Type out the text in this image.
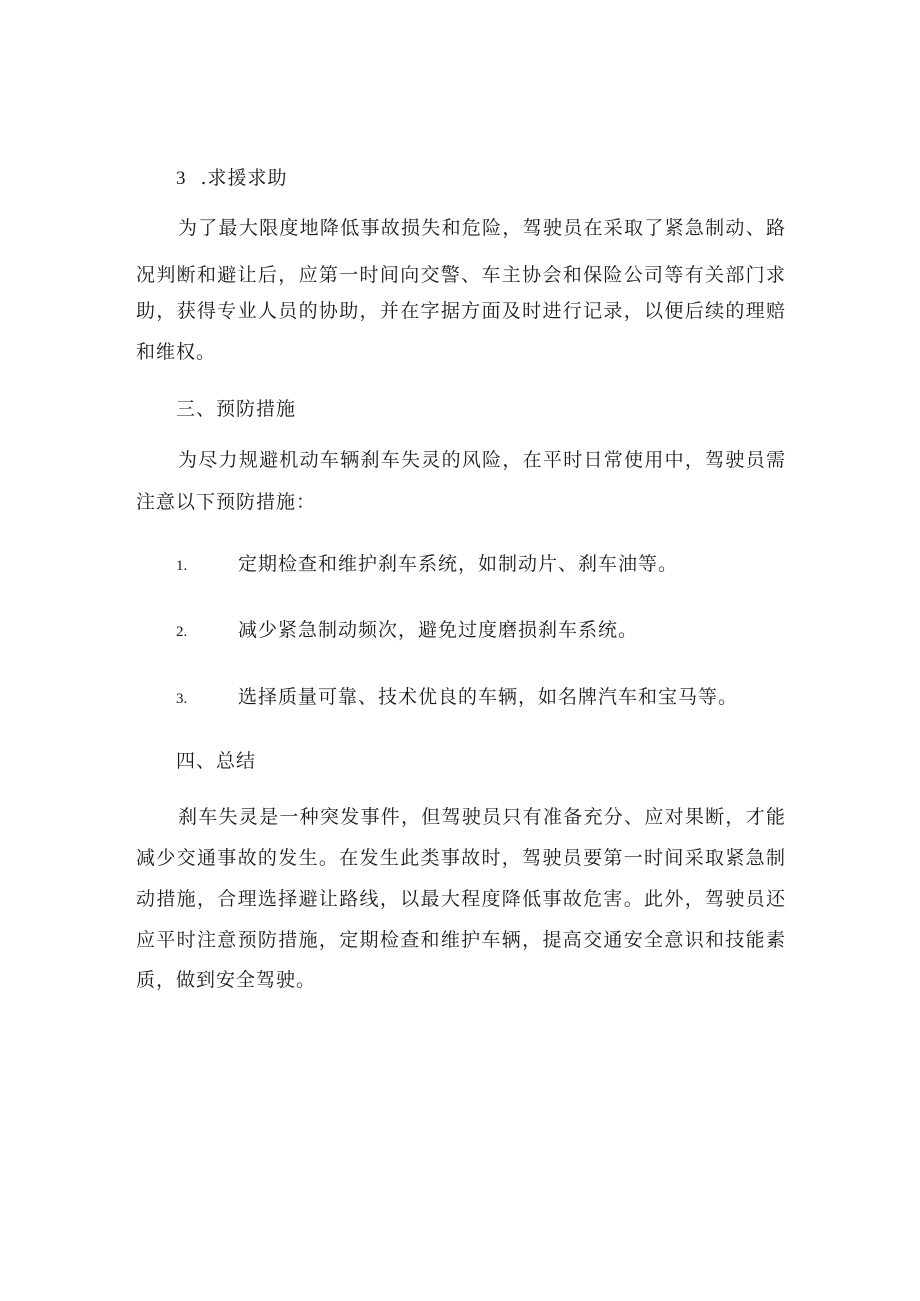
3 .求援求助
为了最大限度地降低事故损失和危险，驾驶员在采取了紧急制动、路
况判断和避让后，应第一时间向交警、车主协会和保险公司等有关部门求
助，获得专业人员的协助，并在字据方面及时进行记录，以便后续的理赔
和维权。
三、预防措施
为尽力规避机动车辆刹车失灵的风险，在平时日常使用中，驾驶员需
注意以下预防措施：
1.	定期检查和维护刹车系统，如制动片、刹车油等。
2.	减少紧急制动频次，避免过度磨损刹车系统。
3.	选择质量可靠、技术优良的车辆，如名牌汽车和宝马等。
四、总结
刹车失灵是一种突发事件，但驾驶员只有准备充分、应对果断，才能
减少交通事故的发生。在发生此类事故时，驾驶员要第一时间采取紧急制
动措施，合理选择避让路线，以最大程度降低事故危害。此外，驾驶员还
应平时注意预防措施，定期检查和维护车辆，提高交通安全意识和技能素
质，做到安全驾驶。
